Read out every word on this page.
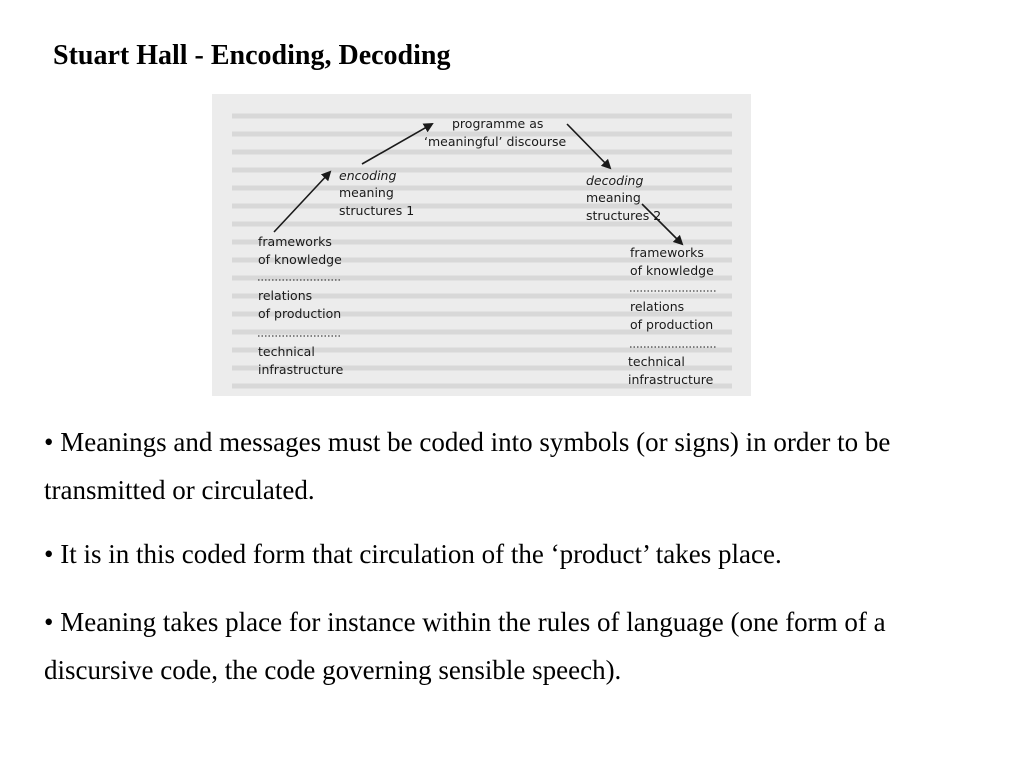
Stuart Hall - Encoding, Decoding
programme as
‘meaningful’ discourse
encoding
meaning
structures 1
decoding
meaning
structures 2
frameworks
of knowledge
relations
of production
technical
infrastructure
frameworks
of knowledge
relations
of production
technical
infrastructure
• Meanings and messages must be coded into symbols (or signs) in order to be transmitted or circulated.
• It is in this coded form that circulation of the ‘product’ takes place.
• Meaning takes place for instance within the rules of language (one form of a discursive code, the code governing sensible speech).
